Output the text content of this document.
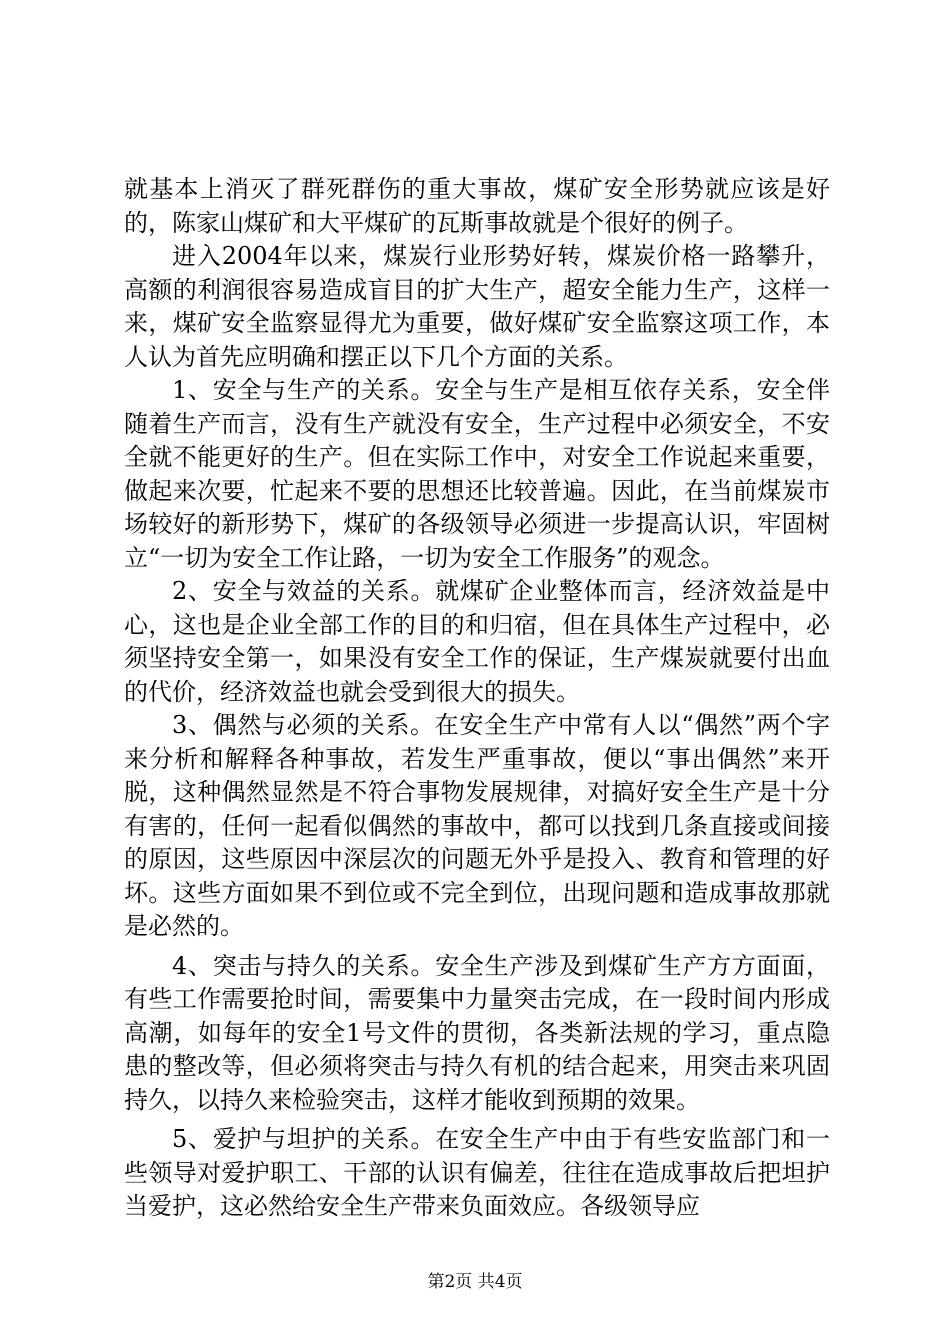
就基本上消灭了群死群伤的重大事故，煤矿安全形势就应该是好的，陈家山煤矿和大平煤矿的瓦斯事故就是个很好的例子。

进入2004年以来，煤炭行业形势好转，煤炭价格一路攀升，高额的利润很容易造成盲目的扩大生产，超安全能力生产，这样一来，煤矿安全监察显得尤为重要，做好煤矿安全监察这项工作，本人认为首先应明确和摆正以下几个方面的关系。

1、安全与生产的关系。安全与生产是相互依存关系，安全伴随着生产而言，没有生产就没有安全，生产过程中必须安全，不安全就不能更好的生产。但在实际工作中，对安全工作说起来重要，做起来次要，忙起来不要的思想还比较普遍。因此，在当前煤炭市场较好的新形势下，煤矿的各级领导必须进一步提高认识，牢固树立“一切为安全工作让路，一切为安全工作服务”的观念。

2、安全与效益的关系。就煤矿企业整体而言，经济效益是中心，这也是企业全部工作的目的和归宿，但在具体生产过程中，必须坚持安全第一，如果没有安全工作的保证，生产煤炭就要付出血的代价，经济效益也就会受到很大的损失。

3、偶然与必须的关系。在安全生产中常有人以“偶然”两个字来分析和解释各种事故，若发生严重事故，便以“事出偶然”来开脱，这种偶然显然是不符合事物发展规律，对搞好安全生产是十分有害的，任何一起看似偶然的事故中，都可以找到几条直接或间接的原因，这些原因中深层次的问题无外乎是投入、教育和管理的好坏。这些方面如果不到位或不完全到位，出现问题和造成事故那就是必然的。

4、突击与持久的关系。安全生产涉及到煤矿生产方方面面，有些工作需要抢时间，需要集中力量突击完成，在一段时间内形成高潮，如每年的安全1号文件的贯彻，各类新法规的学习，重点隐患的整改等，但必须将突击与持久有机的结合起来，用突击来巩固持久，以持久来检验突击，这样才能收到预期的效果。

5、爱护与坦护的关系。在安全生产中由于有些安监部门和一些领导对爱护职工、干部的认识有偏差，往往在造成事故后把坦护当爱护，这必然给安全生产带来负面效应。各级领导应

第2页 共4页
